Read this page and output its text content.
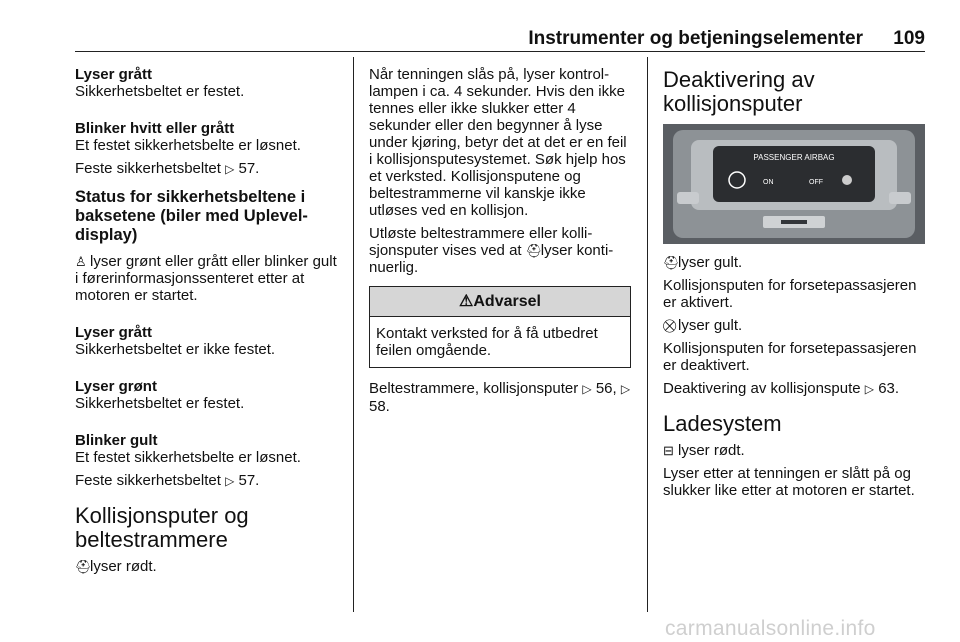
Instrumenter og betjeningselementer 109

Lyser grått

Sikkerhetsbeltet er festet.

Blinker hvitt eller grått

Et festet sikkerhetsbelte er løsnet.

Feste sikkerhetsbeltet ▷ 57.

Status for sikkerhetsbeltene i baksetene (biler med Uplevel-display)

♙ lyser grønt eller grått eller blinker gult i førerinformasjonssenteret etter at motoren er startet.

Lyser grått

Sikkerhetsbeltet er ikke festet.

Lyser grønt

Sikkerhetsbeltet er festet.

Blinker gult

Et festet sikkerhetsbelte er løsnet.

Feste sikkerhetsbeltet ▷ 57.

Kollisjonsputer og beltestrammere

⛑lyser rødt.

Når tenningen slås på, lyser kontrollampen i ca. 4 sekunder. Hvis den ikke tennes eller ikke slukker etter 4 sekunder eller den begynner å lyse under kjøring, betyr det at det er en feil i kollisjonsputesystemet. Søk hjelp hos et verksted. Kollisjonsputene og beltestrammerne vil kanskje ikke utløses ved en kollisjon.

Utløste beltestrammere eller kollisjonsputer vises ved at ⛑lyser kontinuerlig.

⚠Advarsel
Kontakt verksted for å få utbedret feilen omgående.

Beltestrammere, kollisjonsputer ▷ 56, ▷ 58.

Deaktivering av kollisjonsputer
PASSENGER AIRBAG
ON	OFF

⛑lyser gult.

Kollisjonsputen for forsetepassasjeren er aktivert.

⛒ lyser gult.

Kollisjonsputen for forsetepassasjeren er deaktivert.

Deaktivering av kollisjonspute ▷ 63.

Ladesystem

⊟ lyser rødt.

Lyser etter at tenningen er slått på og slukker like etter at motoren er startet.

carmanualsonline.info
